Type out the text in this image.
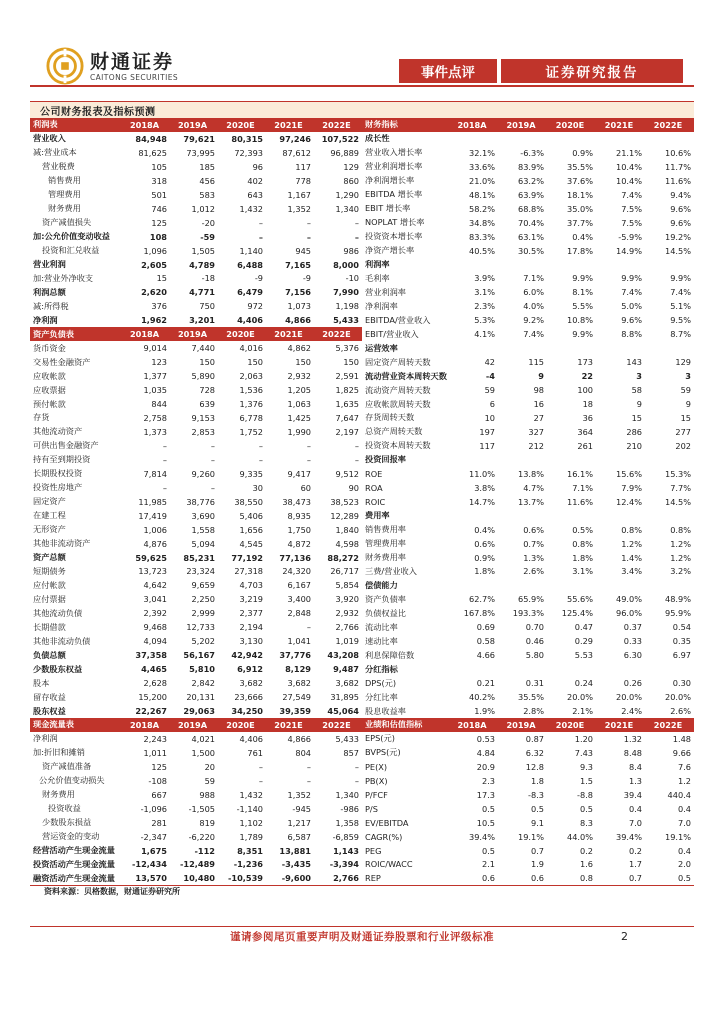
财通证券
CAITONG SECURITIES	事件点评	证券研究报告
公司财务报表及指标预测
利润表	2018A	2019A	2020E	2021E	2022E
营业收入	84,948	79,621	80,315	97,246	107,522
减:营业成本	81,625	73,995	72,393	87,612	96,889
营业税费	105	185	96	117	129
销售费用	318	456	402	778	860
管理费用	501	583	643	1,167	1,290
财务费用	746	1,012	1,432	1,352	1,340
资产减值损失	125	-20	–	–	–
加:公允价值变动收益	108	-59	–	–	–
投资和汇兑收益	1,096	1,505	1,140	945	986
营业利润	2,605	4,789	6,488	7,165	8,000
加:营业外净收支	15	-18	-9	-9	-10
利润总额	2,620	4,771	6,479	7,156	7,990
减:所得税	376	750	972	1,073	1,198
净利润	1,962	3,201	4,406	4,866	5,433
资产负债表	2018A	2019A	2020E	2021E	2022E
货币资金	9,014	7,440	4,016	4,862	5,376
交易性金融资产	123	150	150	150	150
应收帐款	1,377	5,890	2,063	2,932	2,591
应收票据	1,035	728	1,536	1,205	1,825
预付帐款	844	639	1,376	1,063	1,635
存货	2,758	9,153	6,778	1,425	7,647
其他流动资产	1,373	2,853	1,752	1,990	2,197
可供出售金融资产	–	–	–	–	–
持有至到期投资	–	–	–	–	–
长期股权投资	7,814	9,260	9,335	9,417	9,512
投资性房地产	–	–	30	60	90
固定资产	11,985	38,776	38,550	38,473	38,523
在建工程	17,419	3,690	5,406	8,935	12,289
无形资产	1,006	1,558	1,656	1,750	1,840
其他非流动资产	4,876	5,094	4,545	4,872	4,598
资产总额	59,625	85,231	77,192	77,136	88,272
短期债务	13,723	23,324	27,318	24,320	26,717
应付帐款	4,642	9,659	4,703	6,167	5,854
应付票据	3,041	2,250	3,219	3,400	3,920
其他流动负债	2,392	2,999	2,377	2,848	2,932
长期借款	9,468	12,733	2,194	–	2,766
其他非流动负债	4,094	5,202	3,130	1,041	1,019
负债总额	37,358	56,167	42,942	37,776	43,208
少数股东权益	4,465	5,810	6,912	8,129	9,487
股本	2,628	2,842	3,682	3,682	3,682
留存收益	15,200	20,131	23,666	27,549	31,895
股东权益	22,267	29,063	34,250	39,359	45,064
现金流量表	2018A	2019A	2020E	2021E	2022E
净利润	2,243	4,021	4,406	4,866	5,433
加:折旧和摊销	1,011	1,500	761	804	857
资产减值准备	125	20	–	–	–
公允价值变动损失	-108	59	–	–	–
财务费用	667	988	1,432	1,352	1,340
投资收益	-1,096	-1,505	-1,140	-945	-986
少数股东损益	281	819	1,102	1,217	1,358
营运资金的变动	-2,347	-6,220	1,789	6,587	-6,859
经营活动产生现金流量	1,675	-112	8,351	13,881	1,143
投资活动产生现金流量	-12,434	-12,489	-1,236	-3,435	-3,394
融资活动产生现金流量	13,570	10,480	-10,539	-9,600	2,766
财务指标	2018A	2019A	2020E	2021E	2022E
成长性
营业收入增长率	32.1%	-6.3%	0.9%	21.1%	10.6%
营业利润增长率	33.6%	83.9%	35.5%	10.4%	11.7%
净利润增长率	21.0%	63.2%	37.6%	10.4%	11.6%
EBITDA 增长率	48.1%	63.9%	18.1%	7.4%	9.4%
EBIT 增长率	58.2%	68.8%	35.0%	7.5%	9.6%
NOPLAT 增长率	34.8%	70.4%	37.7%	7.5%	9.6%
投资资本增长率	83.3%	63.1%	0.4%	-5.9%	19.2%
净资产增长率	40.5%	30.5%	17.8%	14.9%	14.5%
利润率
毛利率	3.9%	7.1%	9.9%	9.9%	9.9%
营业利润率	3.1%	6.0%	8.1%	7.4%	7.4%
净利润率	2.3%	4.0%	5.5%	5.0%	5.1%
EBITDA/营业收入	5.3%	9.2%	10.8%	9.6%	9.5%
EBIT/营业收入	4.1%	7.4%	9.9%	8.8%	8.7%
运营效率
固定资产周转天数	42	115	173	143	129
流动营业资本周转天数	-4	9	22	3	3
流动资产周转天数	59	98	100	58	59
应收帐款周转天数	6	16	18	9	9
存货周转天数	10	27	36	15	15
总资产周转天数	197	327	364	286	277
投资资本周转天数	117	212	261	210	202
投资回报率
ROE	11.0%	13.8%	16.1%	15.6%	15.3%
ROA	3.8%	4.7%	7.1%	7.9%	7.7%
ROIC	14.7%	13.7%	11.6%	12.4%	14.5%
费用率
销售费用率	0.4%	0.6%	0.5%	0.8%	0.8%
管理费用率	0.6%	0.7%	0.8%	1.2%	1.2%
财务费用率	0.9%	1.3%	1.8%	1.4%	1.2%
三费/营业收入	1.8%	2.6%	3.1%	3.4%	3.2%
偿债能力
资产负债率	62.7%	65.9%	55.6%	49.0%	48.9%
负债权益比	167.8%	193.3%	125.4%	96.0%	95.9%
流动比率	0.69	0.70	0.47	0.37	0.54
速动比率	0.58	0.46	0.29	0.33	0.35
利息保障倍数	4.66	5.80	5.53	6.30	6.97
分红指标
DPS(元)	0.21	0.31	0.24	0.26	0.30
分红比率	40.2%	35.5%	20.0%	20.0%	20.0%
股息收益率	1.9%	2.8%	2.1%	2.4%	2.6%
业绩和估值指标	2018A	2019A	2020E	2021E	2022E
EPS(元)	0.53	0.87	1.20	1.32	1.48
BVPS(元)	4.84	6.32	7.43	8.48	9.66
PE(X)	20.9	12.8	9.3	8.4	7.6
PB(X)	2.3	1.8	1.5	1.3	1.2
P/FCF	17.3	-8.3	-8.8	39.4	440.4
P/S	0.5	0.5	0.5	0.4	0.4
EV/EBITDA	10.5	9.1	8.3	7.0	7.0
CAGR(%)	39.4%	19.1%	44.0%	39.4%	19.1%
PEG	0.5	0.7	0.2	0.2	0.4
ROIC/WACC	2.1	1.9	1.6	1.7	2.0
REP	0.6	0.6	0.8	0.7	0.5
资料来源：贝格数据，财通证券研究所
谨请参阅尾页重要声明及财通证券股票和行业评级标准	2
